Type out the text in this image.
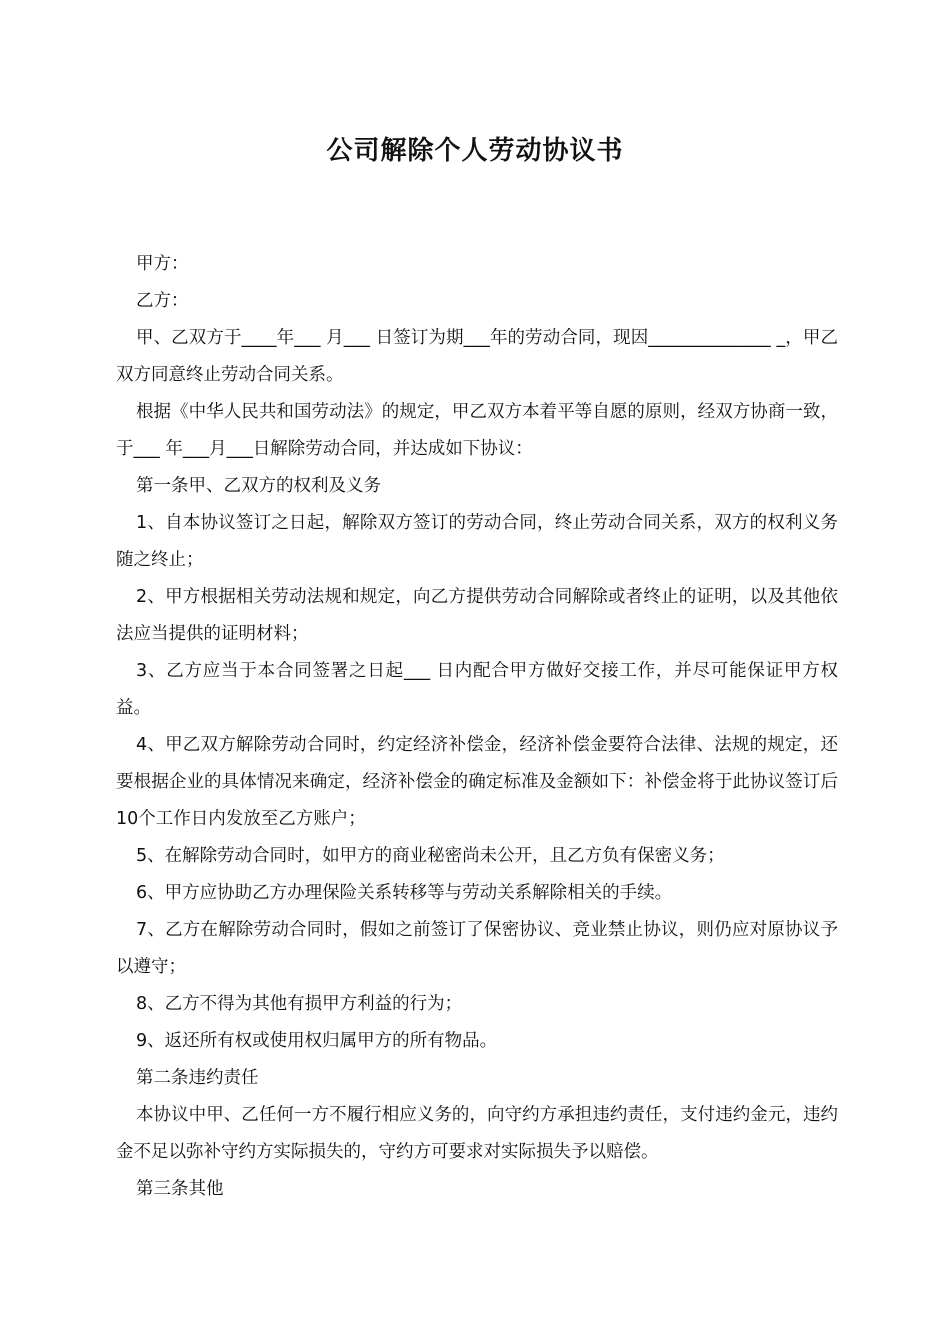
公司解除个人劳动协议书

甲方：

乙方：

甲、乙双方于____年___ 月___ 日签订为期___年的劳动合同，现因______________ _，甲乙双方同意终止劳动合同关系。

根据《中华人民共和国劳动法》的规定，甲乙双方本着平等自愿的原则，经双方协商一致，于___ 年___月___日解除劳动合同，并达成如下协议：

第一条甲、乙双方的权利及义务

1、自本协议签订之日起，解除双方签订的劳动合同，终止劳动合同关系，双方的权利义务随之终止；

2、甲方根据相关劳动法规和规定，向乙方提供劳动合同解除或者终止的证明，以及其他依法应当提供的证明材料；

3、乙方应当于本合同签署之日起___ 日内配合甲方做好交接工作，并尽可能保证甲方权益。

4、甲乙双方解除劳动合同时，约定经济补偿金，经济补偿金要符合法律、法规的规定，还要根据企业的具体情况来确定，经济补偿金的确定标准及金额如下：补偿金将于此协议签订后10个工作日内发放至乙方账户；

5、在解除劳动合同时，如甲方的商业秘密尚未公开，且乙方负有保密义务；

6、甲方应协助乙方办理保险关系转移等与劳动关系解除相关的手续。

7、乙方在解除劳动合同时，假如之前签订了保密协议、竞业禁止协议，则仍应对原协议予以遵守；

8、乙方不得为其他有损甲方利益的行为；

9、返还所有权或使用权归属甲方的所有物品。

第二条违约责任

本协议中甲、乙任何一方不履行相应义务的，向守约方承担违约责任，支付违约金元，违约金不足以弥补守约方实际损失的，守约方可要求对实际损失予以赔偿。

第三条其他
